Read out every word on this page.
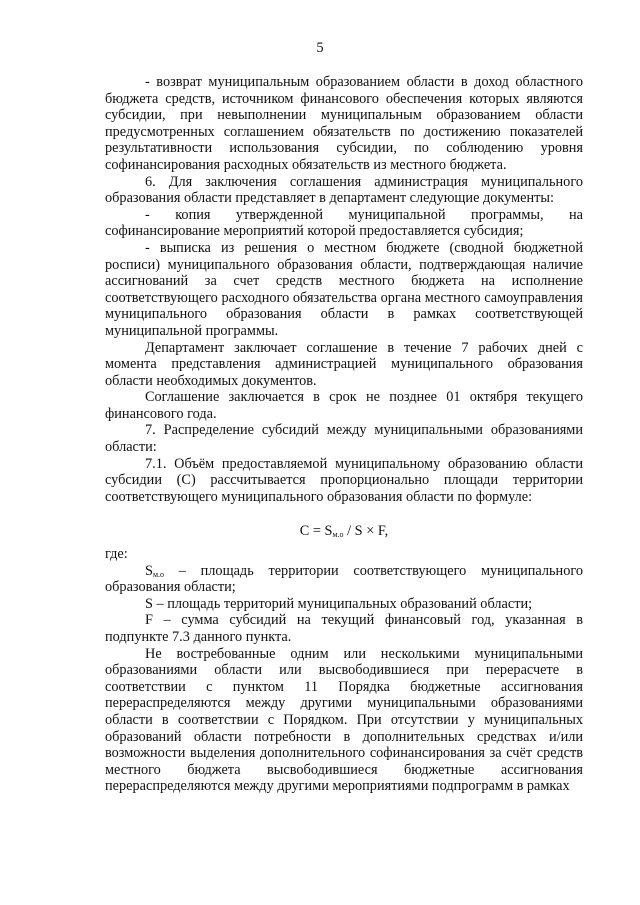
5

- возврат муниципальным образованием области в доход областного бюджета средств, источником финансового обеспечения которых являются субсидии, при невыполнении муниципальным образованием области предусмотренных соглашением обязательств по достижению показателей результативности использования субсидии, по соблюдению уровня софинансирования расходных обязательств из местного бюджета.

6. Для заключения соглашения администрация муниципального образования области представляет в департамент следующие документы:

- копия утвержденной муниципальной программы, на софинансирование мероприятий которой предоставляется субсидия;

- выписка из решения о местном бюджете (сводной бюджетной росписи) муниципального образования области, подтверждающая наличие ассигнований за счет средств местного бюджета на исполнение соответствующего расходного обязательства органа местного самоуправления муниципального образования области в рамках соответствующей муниципальной программы.

Департамент заключает соглашение в течение 7 рабочих дней с момента представления администрацией муниципального образования области необходимых документов.

Соглашение заключается в срок не позднее 01 октября текущего финансового года.

7. Распределение субсидий между муниципальными образованиями области:

7.1. Объём предоставляемой муниципальному образованию области субсидии (С) рассчитывается пропорционально площади территории соответствующего муниципального образования области по формуле:

$С = S_{м.о} / S \times F$,

где:

$S_{м.о}$ – площадь территории соответствующего муниципального образования области;

S – площадь территорий муниципальных образований области;

F – сумма субсидий на текущий финансовый год, указанная в подпункте 7.3 данного пункта.

Не востребованные одним или несколькими муниципальными образованиями области или высвободившиеся при перерасчете в соответствии с пунктом 11 Порядка бюджетные ассигнования перераспределяются между другими муниципальными образованиями области в соответствии с Порядком. При отсутствии у муниципальных образований области потребности в дополнительных средствах и/или возможности выделения дополнительного софинансирования за счёт средств местного бюджета высвободившиеся бюджетные ассигнования перераспределяются между другими мероприятиями подпрограмм в рамках
